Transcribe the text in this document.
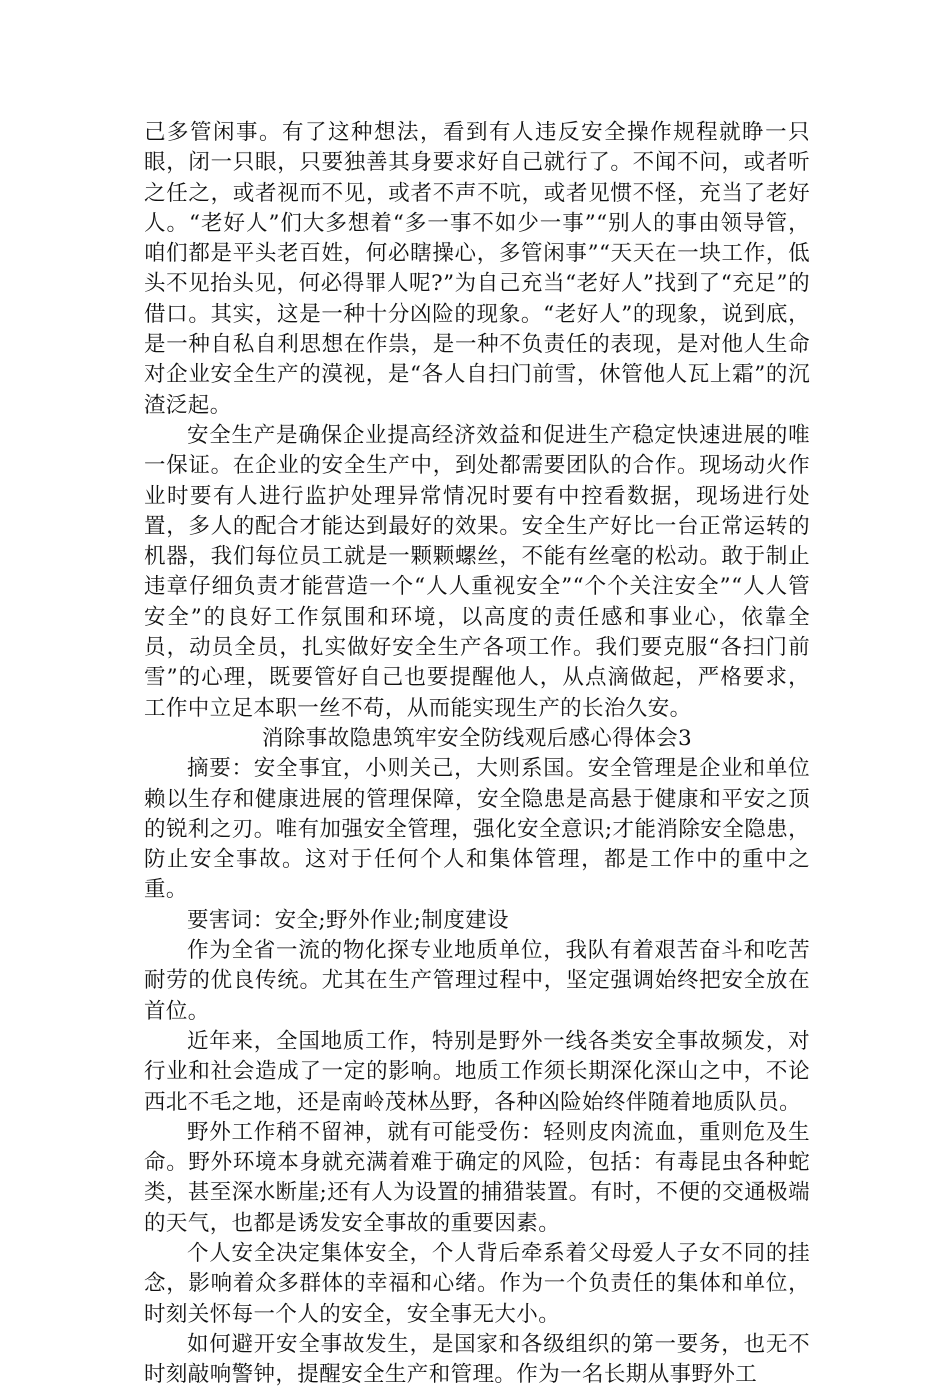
己多管闲事。有了这种想法，看到有人违反安全操作规程就睁一只眼，闭一只眼，只要独善其身要求好自己就行了。不闻不问，或者听之任之，或者视而不见，或者不声不吭，或者见惯不怪，充当了老好人。“老好人”们大多想着“多一事不如少一事”“别人的事由领导管，咱们都是平头老百姓，何必瞎操心，多管闲事”“天天在一块工作，低头不见抬头见，何必得罪人呢?”为自己充当“老好人”找到了“充足”的借口。其实，这是一种十分凶险的现象。“老好人”的现象，说到底，是一种自私自利思想在作祟，是一种不负责任的表现，是对他人生命对企业安全生产的漠视，是“各人自扫门前雪，休管他人瓦上霜”的沉渣泛起。

安全生产是确保企业提高经济效益和促进生产稳定快速进展的唯一保证。在企业的安全生产中，到处都需要团队的合作。现场动火作业时要有人进行监护处理异常情况时要有中控看数据，现场进行处置，多人的配合才能达到最好的效果。安全生产好比一台正常运转的机器，我们每位员工就是一颗颗螺丝，不能有丝毫的松动。敢于制止违章仔细负责才能营造一个“人人重视安全”“个个关注安全”“人人管安全”的良好工作氛围和环境，以高度的责任感和事业心，依靠全员，动员全员，扎实做好安全生产各项工作。我们要克服“各扫门前雪”的心理，既要管好自己也要提醒他人，从点滴做起，严格要求，工作中立足本职一丝不苟，从而能实现生产的长治久安。

消除事故隐患筑牢安全防线观后感心得体会3

摘要：安全事宜，小则关己，大则系国。安全管理是企业和单位赖以生存和健康进展的管理保障，安全隐患是高悬于健康和平安之顶的锐利之刃。唯有加强安全管理，强化安全意识;才能消除安全隐患，防止安全事故。这对于任何个人和集体管理，都是工作中的重中之重。

要害词：安全;野外作业;制度建设

作为全省一流的物化探专业地质单位，我队有着艰苦奋斗和吃苦耐劳的优良传统。尤其在生产管理过程中，坚定强调始终把安全放在首位。

近年来，全国地质工作，特别是野外一线各类安全事故频发，对行业和社会造成了一定的影响。地质工作须长期深化深山之中，不论西北不毛之地，还是南岭茂林丛野，各种凶险始终伴随着地质队员。

野外工作稍不留神，就有可能受伤：轻则皮肉流血，重则危及生命。野外环境本身就充满着难于确定的风险，包括：有毒昆虫各种蛇类，甚至深水断崖;还有人为设置的捕猎装置。有时，不便的交通极端的天气，也都是诱发安全事故的重要因素。

个人安全决定集体安全，个人背后牵系着父母爱人子女不同的挂念，影响着众多群体的幸福和心绪。作为一个负责任的集体和单位，时刻关怀每一个人的安全，安全事无大小。

如何避开安全事故发生，是国家和各级组织的第一要务，也无不时刻敲响警钟，提醒安全生产和管理。作为一名长期从事野外工
